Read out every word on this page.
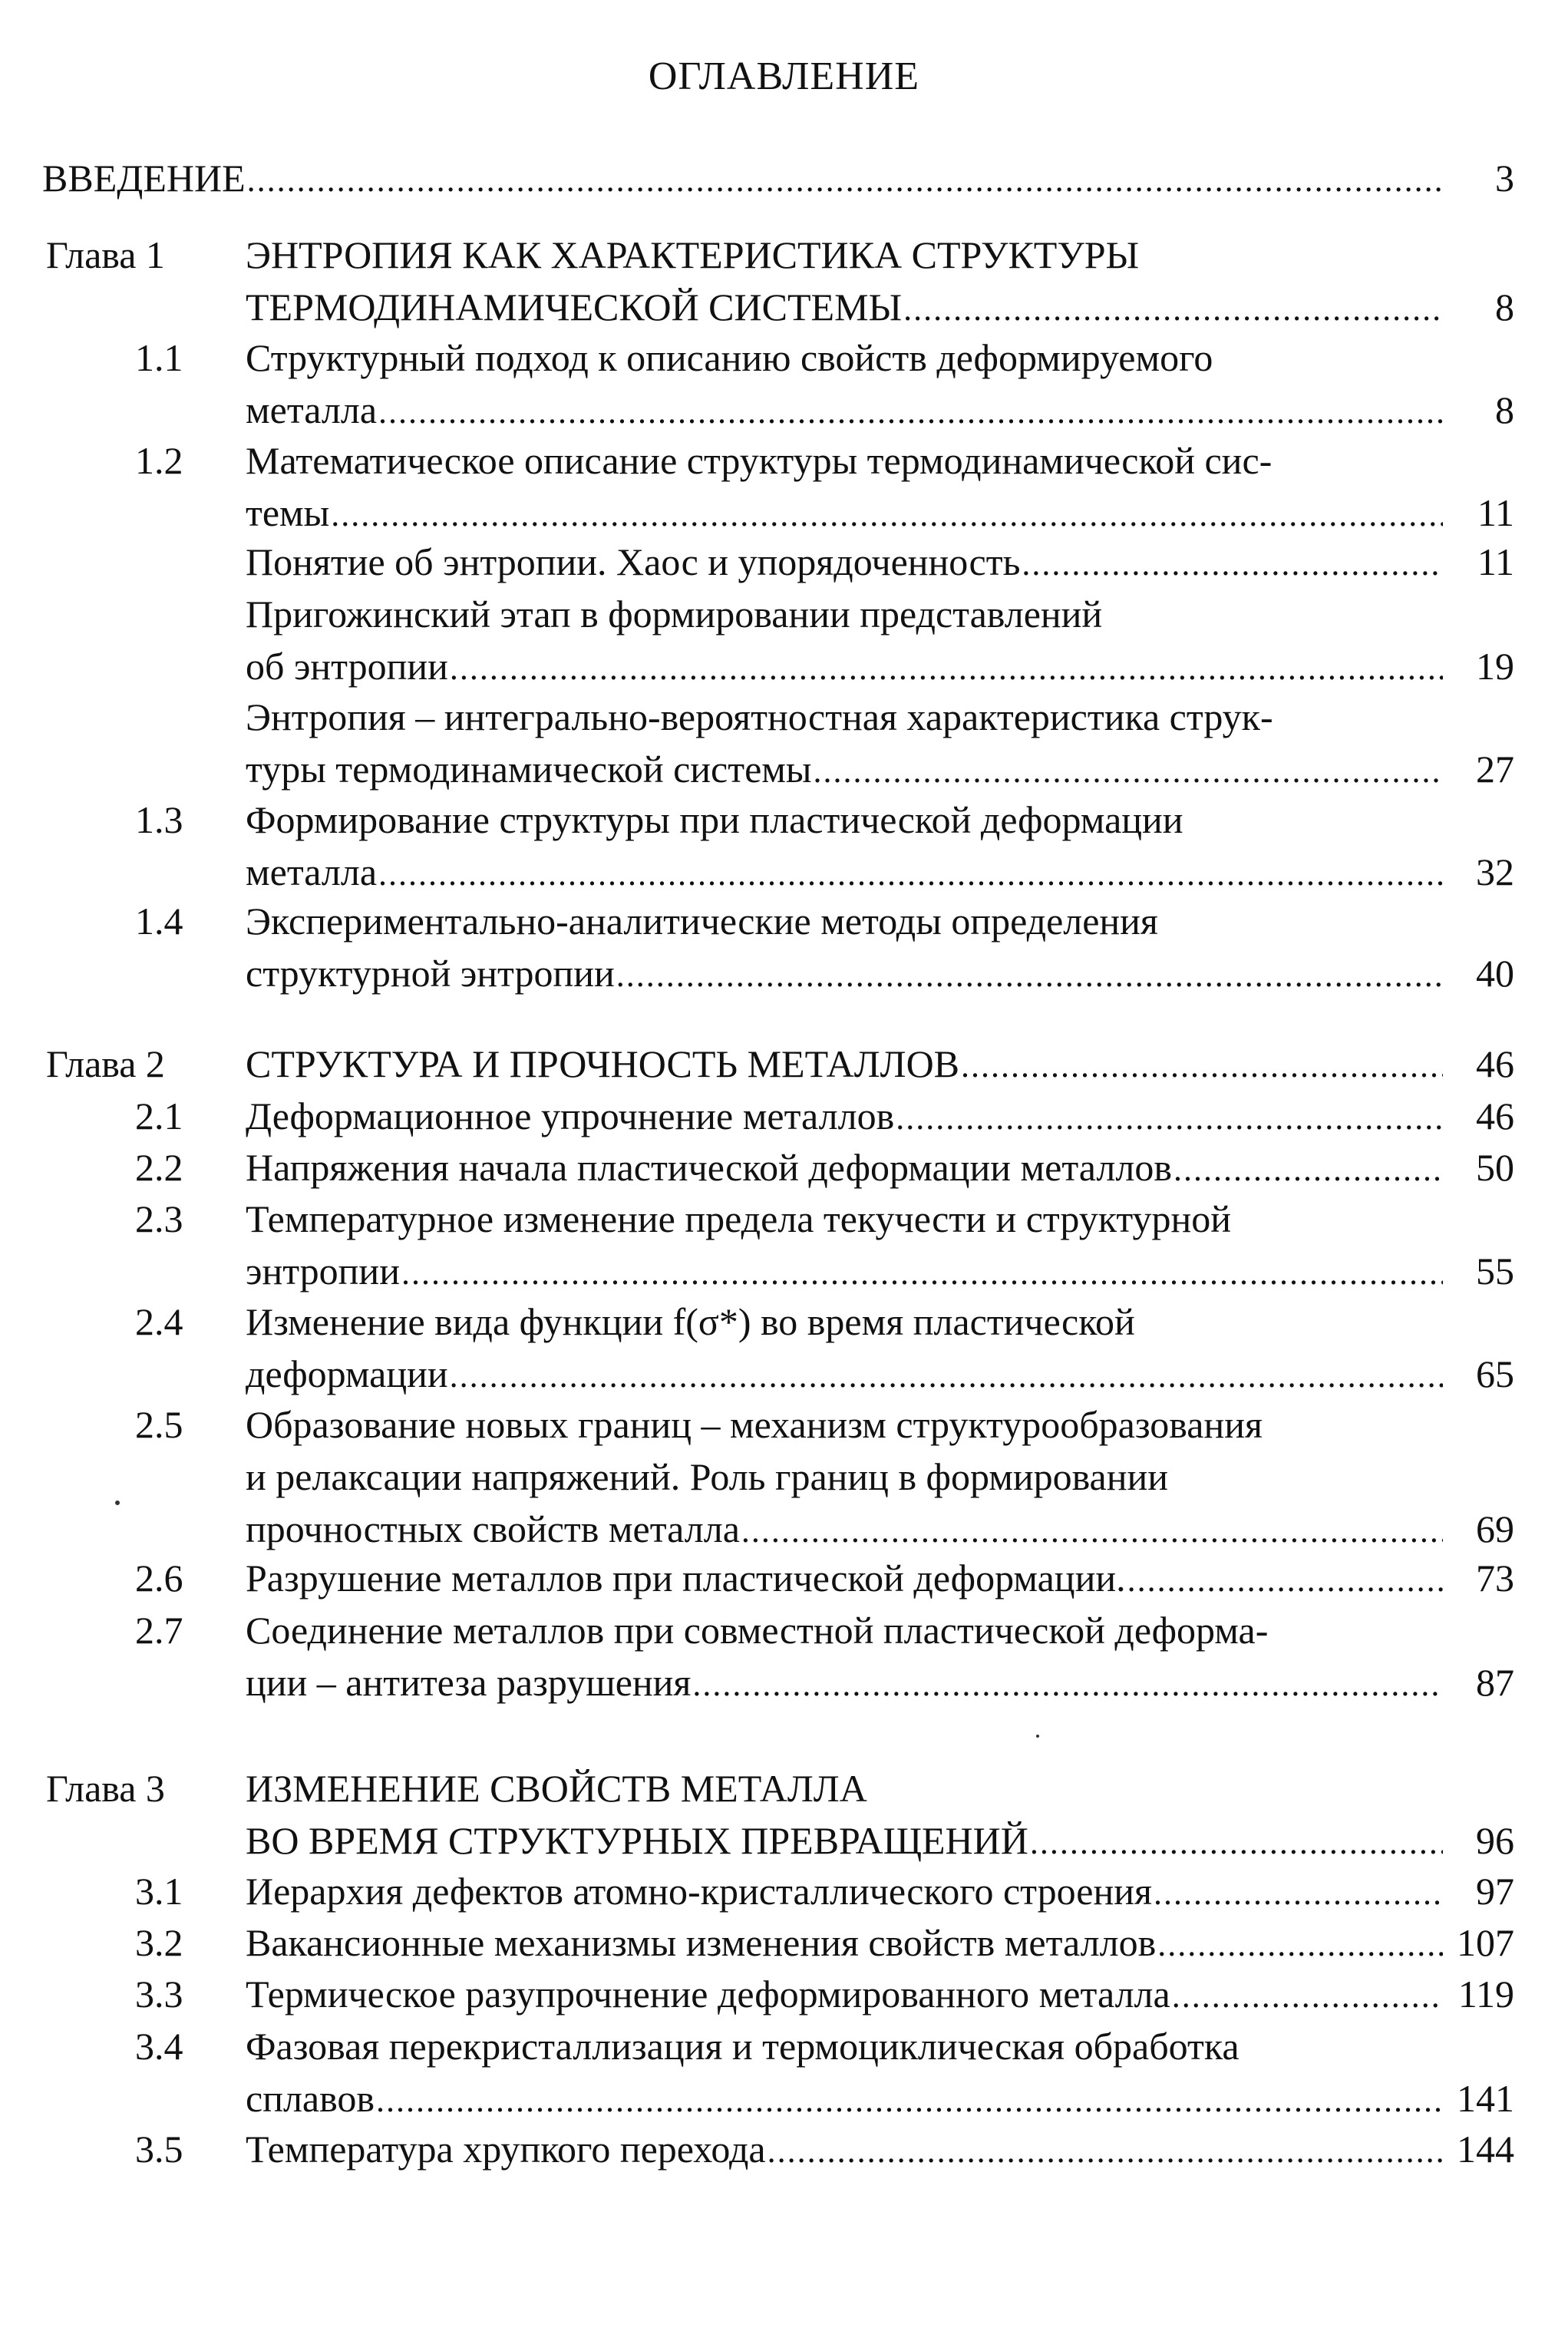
ОГЛАВЛЕНИЕ
ВВЕДЕНИЕ .....	3
Глава 1 ЭНТРОПИЯ КАК ХАРАКТЕРИСТИКА СТРУКТУРЫ
ТЕРМОДИНАМИЧЕСКОЙ СИСТЕМЫ .....	8
1.1 Структурный подход к описанию свойств деформируемого
металла .....	8
1.2 Математическое описание структуры термодинамической сис-
темы .....	11
Понятие об энтропии. Хаос и упорядоченность .....	11
Пригожинский этап в формировании представлений
об энтропии .....	19
Энтропия – интегрально-вероятностная характеристика струк-
туры термодинамической системы .....	27
1.3 Формирование структуры при пластической деформации
металла .....	32
1.4 Экспериментально-аналитические методы определения
структурной энтропии .....	40
Глава 2 СТРУКТУРА И ПРОЧНОСТЬ МЕТАЛЛОВ .....	46
2.1 Деформационное упрочнение металлов .....	46
2.2 Напряжения начала пластической деформации металлов .....	50
2.3 Температурное изменение предела текучести и структурной
энтропии .....	55
2.4 Изменение вида функции f(σ*) во время пластической
деформации .....	65
2.5 Образование новых границ – механизм структурообразования
и релаксации напряжений. Роль границ в формировании
прочностных свойств металла .....	69
2.6 Разрушение металлов при пластической деформации. .....	73
2.7 Соединение металлов при совместной пластической деформа-
ции – антитеза разрушения .....	87
Глава 3 ИЗМЕНЕНИЕ СВОЙСТВ МЕТАЛЛА
ВО ВРЕМЯ СТРУКТУРНЫХ ПРЕВРАЩЕНИЙ .....	96
3.1 Иерархия дефектов атомно-кристаллического строения .....	97
3.2 Вакансионные механизмы изменения свойств металлов .....	107
3.3 Термическое разупрочнение деформированного металла .....	119
3.4 Фазовая перекристаллизация и термоциклическая обработка
сплавов .....	141
3.5 Температура хрупкого перехода .....	144
